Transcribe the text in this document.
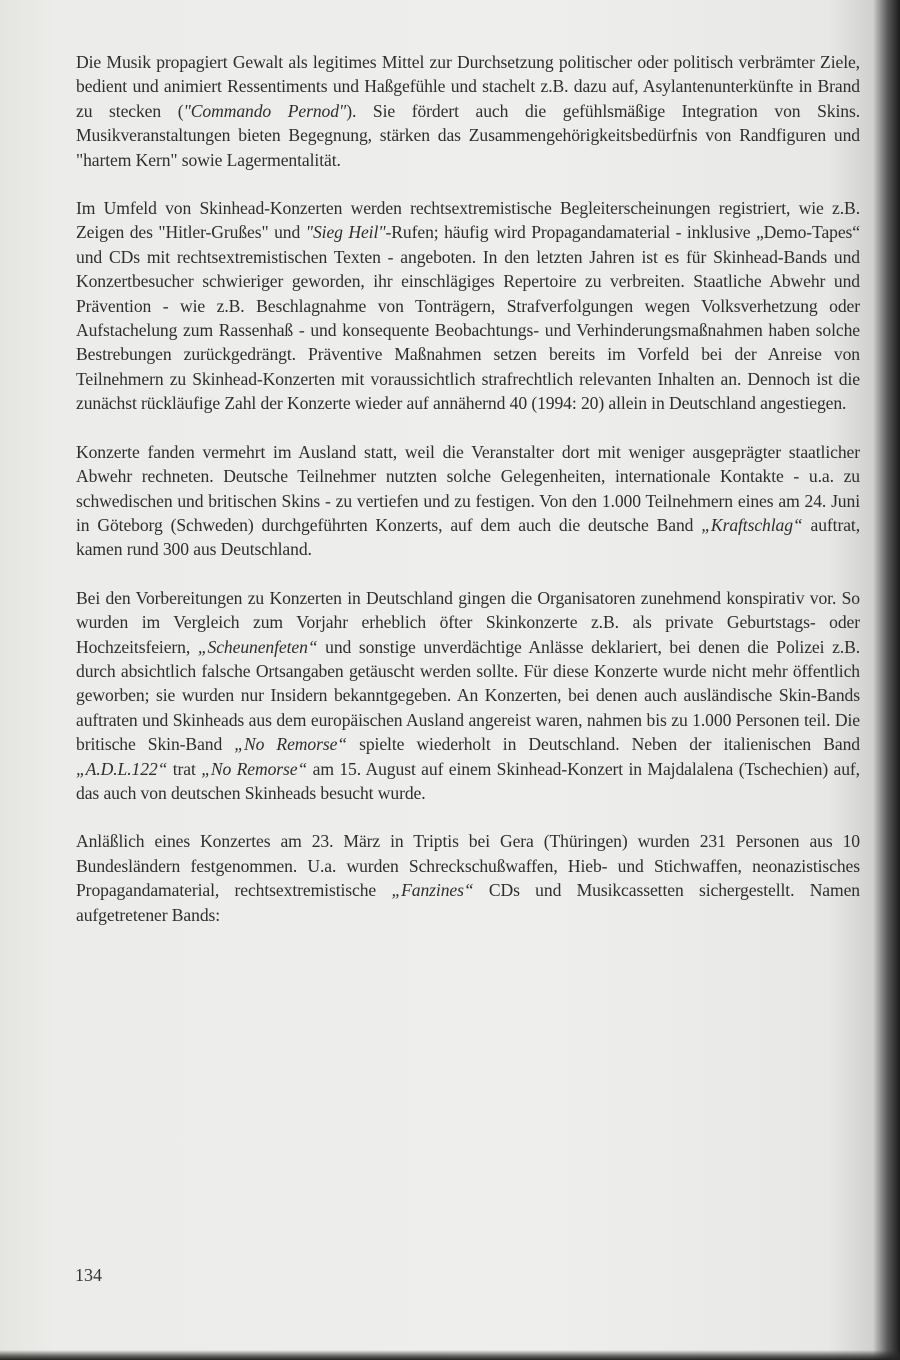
Die Musik propagiert Gewalt als legitimes Mittel zur Durchsetzung politischer oder politisch verbrämter Ziele, bedient und animiert Ressentiments und Haßgefühle und stachelt z.B. dazu auf, Asylantenunterkünfte in Brand zu stecken ("Commando Pernod"). Sie fördert auch die gefühlsmäßige Integration von Skins. Musikveranstaltungen bieten Begegnung, stärken das Zusammengehörigkeitsbedürfnis von Randfiguren und "hartem Kern" sowie Lagermentalität.

Im Umfeld von Skinhead-Konzerten werden rechtsextremistische Begleiterscheinungen registriert, wie z.B. Zeigen des "Hitler-Grußes" und "Sieg Heil"-Rufen; häufig wird Propagandamaterial - inklusive „Demo-Tapes“ und CDs mit rechtsextremistischen Texten - angeboten. In den letzten Jahren ist es für Skinhead-Bands und Konzertbesucher schwieriger geworden, ihr einschlägiges Repertoire zu verbreiten. Staatliche Abwehr und Prävention - wie z.B. Beschlagnahme von Tonträgern, Strafverfolgungen wegen Volksverhetzung oder Aufstachelung zum Rassenhaß - und konsequente Beobachtungs- und Verhinderungsmaßnahmen haben solche Bestrebungen zurückgedrängt. Präventive Maßnahmen setzen bereits im Vorfeld bei der Anreise von Teilnehmern zu Skinhead-Konzerten mit voraussichtlich strafrechtlich relevanten Inhalten an. Dennoch ist die zunächst rückläufige Zahl der Konzerte wieder auf annähernd 40 (1994: 20) allein in Deutschland angestiegen.

Konzerte fanden vermehrt im Ausland statt, weil die Veranstalter dort mit weniger ausgeprägter staatlicher Abwehr rechneten. Deutsche Teilnehmer nutzten solche Gelegenheiten, internationale Kontakte - u.a. zu schwedischen und britischen Skins - zu vertiefen und zu festigen. Von den 1.000 Teilnehmern eines am 24. Juni in Göteborg (Schweden) durchgeführten Konzerts, auf dem auch die deutsche Band „Kraftschlag“ auftrat, kamen rund 300 aus Deutschland.

Bei den Vorbereitungen zu Konzerten in Deutschland gingen die Organisatoren zunehmend konspirativ vor. So wurden im Vergleich zum Vorjahr erheblich öfter Skinkonzerte z.B. als private Geburtstags- oder Hochzeitsfeiern, „Scheunenfeten“ und sonstige unverdächtige Anlässe deklariert, bei denen die Polizei z.B. durch absichtlich falsche Ortsangaben getäuscht werden sollte. Für diese Konzerte wurde nicht mehr öffentlich geworben; sie wurden nur Insidern bekanntgegeben. An Konzerten, bei denen auch ausländische Skin-Bands auftraten und Skinheads aus dem europäischen Ausland angereist waren, nahmen bis zu 1.000 Personen teil. Die britische Skin-Band „No Remorse“ spielte wiederholt in Deutschland. Neben der italienischen Band „A.D.L.122“ trat „No Remorse“ am 15. August auf einem Skinhead-Konzert in Majdalalena (Tschechien) auf, das auch von deutschen Skinheads besucht wurde.

Anläßlich eines Konzertes am 23. März in Triptis bei Gera (Thüringen) wurden 231 Personen aus 10 Bundesländern festgenommen. U.a. wurden Schreckschußwaffen, Hieb- und Stichwaffen, neonazistisches Propagandamaterial, rechtsextremistische „Fanzines“ CDs und Musikcassetten sichergestellt. Namen aufgetretener Bands:

134
